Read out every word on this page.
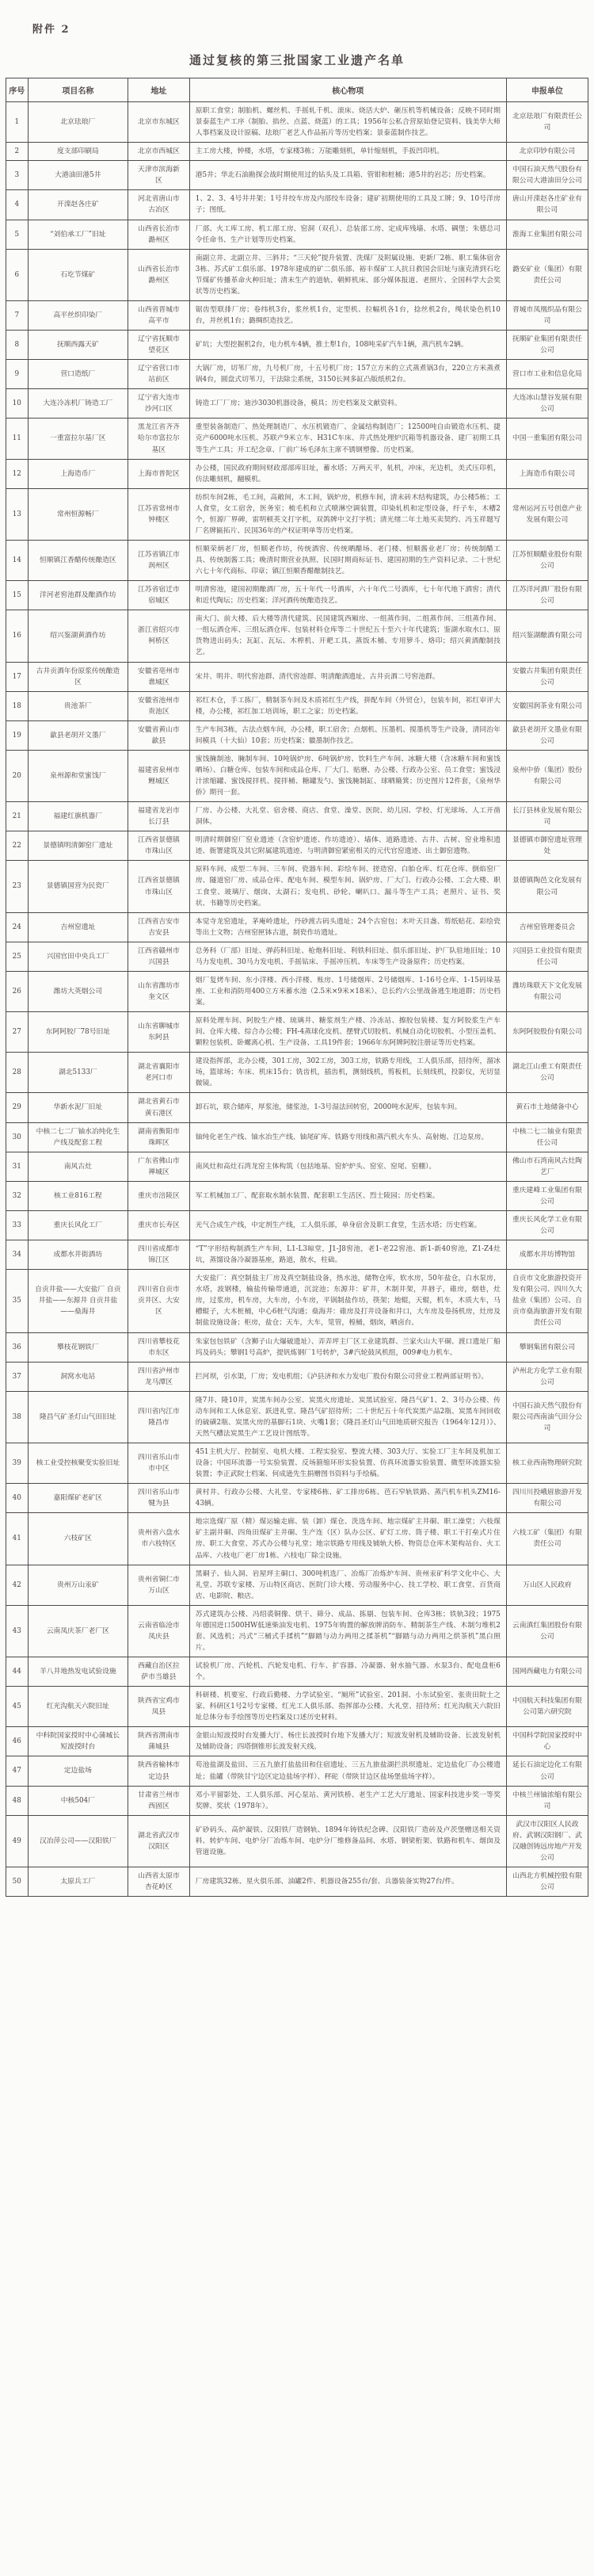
附件 2
通过复核的第三批国家工业遗产名单
序号	项目名称	地址	核心物项	申报单位
1	北京珐琅厂	北京市东城区	原职工食堂；制胎机、螺丝机、手摇轧千机、滚床、烧活大炉、砸压机等机械设备；反映不同时期景泰蓝生产工序（制胎、掐丝、点蓝、烧蓝）的工具；1956年公私合营原始登记资料、钱美华大师人事档案及设计原稿、珐琅厂老艺人作品拓片等历史档案；景泰蓝制作技艺。	北京珐琅厂有限责任公司
2	度支部印刷局	北京市西城区	主工房大楼，钟楼，水塔，专家楼3栋；万能雕刻机，单针缩刻机，手扳凹印机。	北京印钞有限公司
3	大港油田港5井	天津市滨海新区	港5井；华北石油勘探会战时期使用过的钻头及工具箱、管钳和桩桶；港5井的岩芯；历史档案。	中国石油天然气股份有限公司大港油田分公司
4	开滦赵各庄矿	河北省唐山市古冶区	1、2、3、4号井井架；1号井绞车房及内部绞车设备；建矿初期使用的工具及工牌；9、10号洋房子；图纸。	唐山开滦赵各庄矿业有限公司
5	“刘伯承工厂”旧址	山西省长治市潞州区	厂部、火工库工房、机工部工房、窑洞（双孔）、总装部工房、定成库残墙、水塔、碉堡；朱德总司令任命书、生产计划等历史档案。	淮海工业集团有限公司
6	石圪节煤矿	山西省长治市潞州区	南副立井、北副立井、三斜井；“三天轮”提升装置、洗煤厂及附属设施、更新厂2栋、职工集体宿舍3栋、苏式矿工俱乐部、1978年建成的矿二俱乐部、裕丰煤矿工人抗日救国会旧址与康克清到石圪节煤矿传播革命火种旧址；清末生产的道轨、朝鲜机床、部分媒体报道、老照片、全国科学大会奖状等历史档案。	潞安矿业（集团）有限责任公司
7	高平丝织印染厂	山西省晋城市高平市	锯齿型联排厂房；卷纬机3台，浆丝机1台，定型机、拉幅机各1台，捻丝机2台，绳状染色机10台，并丝机1台；潞绸织造技艺。	晋城市凤凰织品有限公司
8	抚顺西露天矿	辽宁省抚顺市望花区	矿坑；大型挖掘机2台，电力机车4辆，推土犁1台，108吨采矿汽车1辆，蒸汽机车2辆。	抚顺矿业集团有限责任公司
9	营口造纸厂	辽宁省营口市站前区	大锅厂房，切苇厂房，九号机厂房，十五号机厂房；157立方米的立式蒸煮锅3台，220立方米蒸煮锅4台，圆盘式切苇刀，干法除尘系统，3150长网多缸凸版纸机2台。	营口市工业和信息化局
10	大连冷冻机厂铸造工厂	辽宁省大连市沙河口区	铸造工厂厂房；迪沙3030机器设备，模具；历史档案及文献资料。	大连冰山慧谷发展有限公司
11	一重富拉尔基厂区	黑龙江省齐齐哈尔市富拉尔基区	重型装备制造厂、热处理制造厂、水压机锻造厂、金属结构制造厂；12500吨自由锻造水压机、捷克产6000吨水压机、苏联产9米立车、H31C车床、井式热处理炉沉箱等机器设备、建厂初期工具等生产工具；开工纪念章、厂前广场毛泽东主席不锈钢塑像、历史档案。	中国一重集团有限公司
12	上海造币厂	上海市普陀区	办公楼，国民政府期间财政部部库旧址，蓄水塔；万两天平，轧机，冲床，光边机，美式压印机，仿法雕刻机，翻模机。	上海造币有限公司
13	常州恒源畅厂	江苏省常州市钟楼区	纺织车间2栋，毛工间，高敞间，木工间，锅炉房，机修车间，清末砖木结构建筑，办公楼5栋；工人食堂，女工宿舍，医务室；梳毛机和立式喷淋空调装置，印染轧机和定型设备，纡子车，木槽2个，恒源厂界碑，雷明顿英文打字机，双鸽牌中文打字机；清光绪二年土地买卖契约、冯玉祥题写厂名牌匾拓片、民国36年的产权证明单等历史档案。	常州运河五号创意产业发展有限公司
14	恒顺镇江香醋传统酿造区	江苏省镇江市润州区	恒顺荣炳老厂房，恒顺老作坊，传统酒窖、传统晒醋场、老门楼、恒顺酱业老厂房；传统制醋工具、传统制酱工具；晚清时期营业执照、民国时期商标证书、建国初期的生产资料记录、二十世纪六七十年代商标、印章；镇江恒顺香醋酿制技艺。	江苏恒顺醋业股份有限公司
15	洋河老窖池群及酿酒作坊	江苏省宿迁市宿城区	明清窖池，建国初期酿酒厂房，五十年代一号酒库，六十年代二号酒库，七十年代地下酒窖；清代和近代陶坛；历史档案；洋河酒传统酿造技艺。	江苏洋河酒厂股份有限公司
16	绍兴鉴湖黄酒作坊	浙江省绍兴市柯桥区	南大门、前大楼、后大楼等清代建筑、民国建筑西厢房、一组蒸作间、二组蒸作间、三组蒸作间、一组坛酒仓库、三组坛酒仓库、包装材料仓库等二十世纪五十至六十年代建筑；鉴湖水取水口、原货物进出码头；瓦缸、瓦坛、木榨机、开耙工具、蒸饭木桶、专用箩斗、烙印；绍兴黄酒酿制技艺。	绍兴鉴湖酿酒有限公司
17	古井贡酒年份原浆传统酿造区	安徽省亳州市谯城区	宋井、明井、明代窖池群、清代窖池群、明清酿酒遗址、古井贡酒二号窖池群。	安徽古井集团有限责任公司
18	贵池茶厂	安徽省池州市贵池区	祁红木仓，手工拣厂，精制茶车间及木质祁红生产线，拼配车间（外贸仓），包装车间，祁红审评大楼，办公楼，祁红加工培训场，职工之家；历史档案。	安徽国润茶业有限公司
19	歙县老胡开文墨厂	安徽省黄山市歙县	生产车间3栋，古法点烟车间，办公楼，职工宿舍；点烟机、压墨机、搅墨机等生产设备，清同治年间模具（十大仙）10套；历史档案；徽墨制作技艺。	歙县老胡开文墨业有限公司
20	泉州源和堂蜜饯厂	福建省泉州市鲤城区	蜜饯腌制池、腌制车间、10吨锅炉房、6吨锅炉房、饮料生产车间、冰糖大楼（含冰糖车间和蜜饯晒场）、白糖仓库、包装车间和成品仓库、厂大门、贴磨、办公楼、行政办公室、员工食堂；蜜饯浸汁浓缩罐、蜜饯搅拌机、搅拌桶、糖罐发勺、蜜饯腌制缸、球晒簸箕；历史图片12件套，《泉州华侨》期刊一套。	泉州中侨（集团）股份有限公司
21	福建红旗机器厂	福建省龙岩市长汀县	厂房、办公楼、大礼堂、宿舍楼、商店、食堂、澡堂、医院、幼儿园、学校、灯光球场、人工开凿洞体。	长汀县林业发展有限公司
22	景德镇明清御窑厂遗址	江西省景德镇市珠山区	明清时期御窑厂窑业遗迹（含窑炉遗迹、作坊遗迹）、墙体、道路遗迹、古井、古树、窑业堆积遗迹、衙署建筑及其它附属建筑遗迹、与明清御窑紧密相关的元代官窑遗迹、出土御窑遗物。	景德镇市御窑遗址管理处
23	景德镇国营为民瓷厂	江西省景德镇市珠山区	原料车间、成型二车间、三车间、瓷器车间、彩绘车间、搓造窑、白胎仓库、红花仓库、倒焰窑厂房、隧道窑厂房、成品仓库、配电车间、模型车间、锅炉房、厂大门、行政办公楼、工会大楼、职工食堂、玻璃厅、烟囱、太湖石；发电机、砂轮、喇叭口、漏斗等生产工具；老照片、证书、奖状、书籍等历史档案。	景德镇陶邑文化发展有限公司
24	吉州窑遗址	江西省吉安市吉安县	本觉寺龙窑遗址，茅庵岭遗址，丹砂渡古码头遗址；24个古窑包；木叶天目盏、剪纸贴花、彩绘瓷等出土文物；吉州窑匣钵古道，制瓷作坊遗址。	吉州窑管理委员会
25	兴国官田中央兵工厂	江西省赣州市兴国县	总务科（厂部）旧址、弹药科旧址、枪炮科旧址、利铁科旧址、俱乐部旧址、护厂队驻地旧址；10马力发电机、30马力发电机、手摇钻床、手摇冲压机、车床等生产设备原件；历史档案。	兴国县工业投资有限责任公司
26	潍坊大英烟公司	山东省潍坊市奎文区	烟厂复烤车间、东小洋楼、西小洋楼、账房、1号储烟库、2号储烟库、1-16号仓库、1-15码垛基座、工业和消防用400立方米蓄水池（2.5米×9米×18米）、总长约六公里战备逃生地道群；历史档案。	潍坊珠联天下文化发展有限公司
27	东阿阿胶厂78号旧址	山东省聊城市东阿县	原料处理车间、阿胶生产楼、琉璃井、糖浆剂生产楼、冷冻站、擦胶包装楼、复方阿胶浆生产车间、仓库大楼、综合办公楼；FH-4蒸球化皮机、摆臂式切胶机、机械自动化切胶机、小型压盖机、颗粒包装机、卧螺离心机、生产设备、工具19件套；1966年东阿牌阿胶注册证等历史档案。	东阿阿胶股份有限公司
28	湖北5133厂	湖北省襄阳市老河口市	建设指挥部，北办公楼，301工房，302工房，303工房，铁路专用线，工人俱乐部，招待所，溜冰场，篮球场；车床、机床15台；铣齿机，插齿机，测刻线机，剪板机，长刻线机，投影仪，光切显微镜。	湖北江山重工有限责任公司
29	华新水泥厂旧址	湖北省黄石市黄石港区	卸石坑，联合储库，厚浆池，储浆池，1-3号湿法回转窑，2000吨水泥库，包装车间。	黄石市土地储备中心
30	中核二七二厂铀水冶纯化生产线及配套工程	湖南省衡阳市珠晖区	铀纯化老生产线、铀水冶生产线、铀尾矿库、铁路专用线和蒸汽机火车头、高射炮、江边泵房。	中核二七二铀业有限责任公司
31	南风古灶	广东省佛山市禅城区	南风灶和高灶石湾龙窑主体构筑（包括地基、窑炉炉头、窑室、窑尾、窑棚）。	佛山市石湾南风古灶陶艺厂
32	核工业816工程	重庆市涪陵区	军工机械加工厂、配套取水制水装置、配套职工生活区、烈士陵园；历史档案。	重庆建峰工业集团有限公司
33	重庆长风化工厂	重庆市长寿区	光气合成生产线，中定剂生产线，工人俱乐部，单身宿舍及职工食堂，生活水塔；历史档案。	重庆长风化学工业有限公司
34	成都水井街酒坊	四川省成都市锦江区	“T”字形结构制酒生产车间，L1-L3晾堂，J1-J8窖池，老1-老22窖池、新1-新40窖池，Z1-Z4灶坑，蒸馏设备冷凝器基座，路道，散水，柱础。	成都水井坊博物馆
35	自贡井盐——大安盐厂 自贡井盐——东源井 自贡井盐——燊海井	四川省自贡市贡井区、大安区	大安盐厂：真空制盐主厂房及真空制盐设备，热水池，储物仓库，软水房，50年盐仓，白水泵房，水塔，波钢楼，输盐传输带通道，沉淀池；东源井：矿井，木制井架，井唇子，碓房，烟巷，灶房，过浆房，机车房，大车房，小车房，平锅制盐作坊，筷架；地辊，天辊，机车，木质大车，马槽辊子，大木桩桶，中心6桩气沟通；燊海井：碓房及打井设备和井口，大车房及卷扬机房，灶房及制盐设施设备；柜房，盐仓；天车，大车，笕管，楻桶，烟囱，晒卤台。	自贡市文化旅游投资开发有限公司、四川久大盐业（集团）公司、自贡市燊海旅游开发有限责任公司
36	攀枝花钢铁厂	四川省攀枝花市东区	朱家包包铁矿（含狮子山大爆破遗址）、弄弄坪主厂区工业建筑群、兰家火山大平硐、渡口遗址厂船坞及码头；攀钢1号高炉，提钒炼钢厂1号转炉，3#汽轮鼓风机组，009#电力机车。	攀钢集团有限公司
37	洞窝水电站	四川省泸州市龙马潭区	拦河坝，引水渠，厂房；发电机组；《泸县济和水力发电厂股份有限公司营业工程两部证明书》。	泸州北方化学工业有限公司
38	隆昌气矿圣灯山气田旧址	四川省内江市隆昌市	隆7井、隆10井，炭黑车间办公室、炭黑火房遗址、炭黑试验室、隆昌气矿1、2、3号办公楼、传动车间和工人休息室、跃进礼堂、隆昌气矿招待所；二十世纪五十年代炭黑产品2瓶、炭黑车间回收的硫磺2瓶、炭黑火房的基脚石1块、火嘴1套；《隆昌圣灯山气田地质研究报告（1964年12月）》、天然气槽法炭黑生产工艺设计图纸等。	中国石油天然气股份有限公司西南油气田分公司
39	核工业受控核聚变实验旧址	四川省乐山市市中区	451主机大厅、控制室、电机大楼、工程实验室、整流大楼、303大厅、实验工厂主车间及机加工设备；中国环流器一号实验装置、反场箍缩环形实验装置、仿真环流器实验装置、微型环流器实验装置；李正武院士档案、何成逊先生捐赠图书资料与手绘稿。	核工业西南物理研究院
40	嘉阳煤矿老矿区	四川省乐山市犍为县	黄村井、行政办公楼、大礼堂、专家楼6栋、矿工排房6栋、芭石窄轨铁路、蒸汽机车机头ZM16-43辆。	四川川投峨眉旅游开发有限公司
41	六枝矿区	贵州省六盘水市六枝特区	地宗选煤厂原（精）煤运输走廊、装（卸）煤仓、洗选车间、地宗煤矿主井硐、职工澡堂；六枝煤矿主副井硐、四角田煤矿主井硐、生产连（区）队办公区、矿灯工房、筒子楼、职工干打垒式片住房、职工大食堂、苏式办公楼与礼堂；地宗铁路专用线及铺轨大桥、物资总仓库木架构站台、火工品库、六枝电厂老厂房1栋、六枝电厂除尘设施。	六枝工矿（集团）有限责任公司
42	贵州万山汞矿	贵州省铜仁市万山区	黑硐子、仙人洞、岩屋坪主硐口、300吨机选厂、冶炼厂冶炼炉车间、贵州汞矿科学文化中心、大礼堂、苏联专家楼、万山特区商店、医院门诊大楼、劳动服务中心、技工学校、职工食堂、百货商店、电影院、粮店。	万山区人民政府
43	云南凤庆茶厂老厂区	云南省临沧市凤庆县	苏式建筑办公楼、冯绍裘铜像、烘干、筛分、成品、拣剔、包装车间、仓库3栋；铁轨3段；1975年德国进口500HW低速柴油发电机、1975年购置的解放牌消防车、精制茶生产线、木制匀堆机2套、风选机；冯式“三桶式手揉机”“脚踏与动力两用之揉茶机”“脚踏与动力两用之烘茶机”黑白照片。	云南滇红集团股份有限公司
44	羊八井地热发电试验设施	西藏自治区拉萨市当雄县	试验机厂房、汽轮机、汽轮发电机、行车、扩容器、冷凝器、射水抽气器、水泵3台、配电盘柜6个。	国网西藏电力有限公司
45	红光沟航天六院旧址	陕西省宝鸡市凤县	科研楼、机要室、行政后勤楼、力学试验室、“厕所”试验室、201洞、小东试验室、张贵田院士之家、科研区1号2号专家楼、红光工人俱乐部、指挥部办公楼、大礼堂、招待所；红光沟航天六院旧址总体分布手绘图等历史档案及口述历史材料。	中国航天科技集团有限公司第六研究院
46	中科院国家授时中心蒲城长短波授时台	陕西省渭南市蒲城县	金银山短波授时台发播大厅、杨庄长波授时台地下发播大厅；短波发射机及辅助设备、长波发射机及辅助设备；四塔倒锥形长波发射天线。	中国科学院国家授时中心
47	定边盐场	陕西省榆林市定边县	苟池盐湖及盐田、三五九旅打盐盐田和住宿遗址、三五九旅盐湖拦洪坝遗址、定边盐化厂办公楼遗址；盐罐（带陕甘宁边区定边盐场字样）、秤砣（带陕甘边区盐场堡盐场字样）。	延长石油定边化工有限公司
48	中核504厂	甘肃省兰州市西固区	邓小平留影处、工人俱乐部、河心泵站、黄河铁桥、老生产工艺大厅遗址、国家科技进步奖一等奖奖牌、奖状（1978年）。	中核兰州铀浓缩有限公司
49	汉冶萍公司——汉阳铁厂	湖北省武汉市汉阳区	矿砂码头、高炉凝铁、汉阳铁厂造钢轨、1894年铸铁纪念碑、汉阳铁厂造砖及卢茨堡赠送相关资料、转炉车间、电炉分厂冶炼车间、电炉分厂维修备品间、水塔、钢梁桁架、铁路和机车、烟囱及管道设施。	武汉市汉阳区人民政府、武钢汉阳钢厂、武汉融创铸远房地产开发公司
50	太原兵工厂	山西省太原市杏花岭区	厂房建筑32栋、星火俱乐部、油罐2件、机器设备255台/套、兵器装备实物27台/件。	山西北方机械控股有限公司
